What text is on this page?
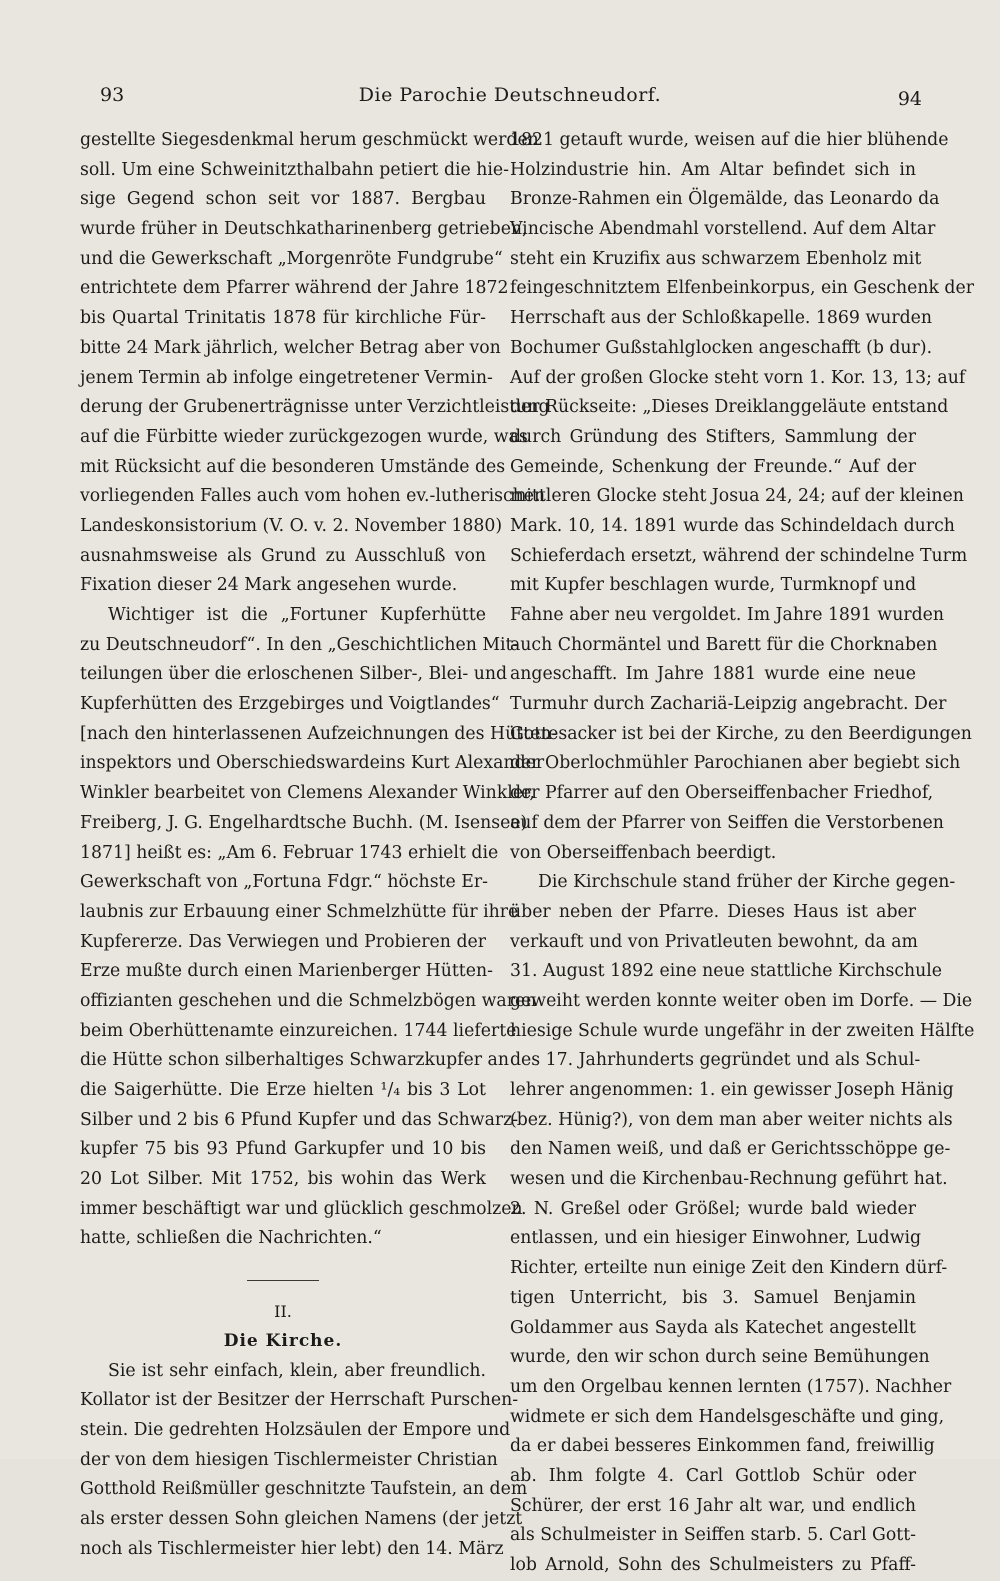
93	Die Parochie Deutschneudorf.	94
gestellte Siegesdenkmal herum geschmückt werden
soll. Um eine Schweinitzthalbahn petiert die hie-
sige Gegend schon seit vor 1887. Bergbau
wurde früher in Deutschkatharinenberg getrieben,
und die Gewerkschaft „Morgenröte Fundgrube“
entrichtete dem Pfarrer während der Jahre 1872
bis Quartal Trinitatis 1878 für kirchliche Für-
bitte 24 Mark jährlich, welcher Betrag aber von
jenem Termin ab infolge eingetretener Vermin-
derung der Grubenerträgnisse unter Verzichtleistung
auf die Fürbitte wieder zurückgezogen wurde, was
mit Rücksicht auf die besonderen Umstände des
vorliegenden Falles auch vom hohen ev.-lutherischen
Landeskonsistorium (V. O. v. 2. November 1880)
ausnahmsweise als Grund zu Ausschluß von
Fixation dieser 24 Mark angesehen wurde.
Wichtiger ist die „Fortuner Kupferhütte
zu Deutschneudorf“. In den „Geschichtlichen Mit-
teilungen über die erloschenen Silber-, Blei- und
Kupferhütten des Erzgebirges und Voigtlandes“
[nach den hinterlassenen Aufzeichnungen des Hütten-
inspektors und Oberschiedswardeins Kurt Alexander
Winkler bearbeitet von Clemens Alexander Winkler,
Freiberg, J. G. Engelhardtsche Buchh. (M. Isensee)
1871] heißt es: „Am 6. Februar 1743 erhielt die
Gewerkschaft von „Fortuna Fdgr.“ höchste Er-
laubnis zur Erbauung einer Schmelzhütte für ihre
Kupfererze. Das Verwiegen und Probieren der
Erze mußte durch einen Marienberger Hütten-
offizianten geschehen und die Schmelzbögen waren
beim Oberhüttenamte einzureichen. 1744 lieferte
die Hütte schon silberhaltiges Schwarzkupfer an
die Saigerhütte. Die Erze hielten ¹/₄ bis 3 Lot
Silber und 2 bis 6 Pfund Kupfer und das Schwarz-
kupfer 75 bis 93 Pfund Garkupfer und 10 bis
20 Lot Silber. Mit 1752, bis wohin das Werk
immer beschäftigt war und glücklich geschmolzen
hatte, schließen die Nachrichten.“
II.
Die Kirche.
Sie ist sehr einfach, klein, aber freundlich.
Kollator ist der Besitzer der Herrschaft Purschen-
stein. Die gedrehten Holzsäulen der Empore und
der von dem hiesigen Tischlermeister Christian
Gotthold Reißmüller geschnitzte Taufstein, an dem
als erster dessen Sohn gleichen Namens (der jetzt
noch als Tischlermeister hier lebt) den 14. März
1821 getauft wurde, weisen auf die hier blühende
Holzindustrie hin. Am Altar befindet sich in
Bronze-Rahmen ein Ölgemälde, das Leonardo da
Vincische Abendmahl vorstellend. Auf dem Altar
steht ein Kruzifix aus schwarzem Ebenholz mit
feingeschnitztem Elfenbeinkorpus, ein Geschenk der
Herrschaft aus der Schloßkapelle. 1869 wurden
Bochumer Gußstahlglocken angeschafft (b dur).
Auf der großen Glocke steht vorn 1. Kor. 13, 13; auf
der Rückseite: „Dieses Dreiklanggeläute entstand
durch Gründung des Stifters, Sammlung der
Gemeinde, Schenkung der Freunde.“ Auf der
mittleren Glocke steht Josua 24, 24; auf der kleinen
Mark. 10, 14. 1891 wurde das Schindeldach durch
Schieferdach ersetzt, während der schindelne Turm
mit Kupfer beschlagen wurde, Turmknopf und
Fahne aber neu vergoldet. Im Jahre 1891 wurden
auch Chormäntel und Barett für die Chorknaben
angeschafft. Im Jahre 1881 wurde eine neue
Turmuhr durch Zachariä-Leipzig angebracht. Der
Gottesacker ist bei der Kirche, zu den Beerdigungen
der Oberlochmühler Parochianen aber begiebt sich
der Pfarrer auf den Oberseiffenbacher Friedhof,
auf dem der Pfarrer von Seiffen die Verstorbenen
von Oberseiffenbach beerdigt.
Die Kirchschule stand früher der Kirche gegen-
über neben der Pfarre. Dieses Haus ist aber
verkauft und von Privatleuten bewohnt, da am
31. August 1892 eine neue stattliche Kirchschule
geweiht werden konnte weiter oben im Dorfe. — Die
hiesige Schule wurde ungefähr in der zweiten Hälfte
des 17. Jahrhunderts gegründet und als Schul-
lehrer angenommen: 1. ein gewisser Joseph Hänig
(bez. Hünig?), von dem man aber weiter nichts als
den Namen weiß, und daß er Gerichtsschöppe ge-
wesen und die Kirchenbau-Rechnung geführt hat.
2. N. Greßel oder Größel; wurde bald wieder
entlassen, und ein hiesiger Einwohner, Ludwig
Richter, erteilte nun einige Zeit den Kindern dürf-
tigen Unterricht, bis 3. Samuel Benjamin
Goldammer aus Sayda als Katechet angestellt
wurde, den wir schon durch seine Bemühungen
um den Orgelbau kennen lernten (1757). Nachher
widmete er sich dem Handelsgeschäfte und ging,
da er dabei besseres Einkommen fand, freiwillig
ab. Ihm folgte 4. Carl Gottlob Schür oder
Schürer, der erst 16 Jahr alt war, und endlich
als Schulmeister in Seiffen starb. 5. Carl Gott-
lob Arnold, Sohn des Schulmeisters zu Pfaff-
